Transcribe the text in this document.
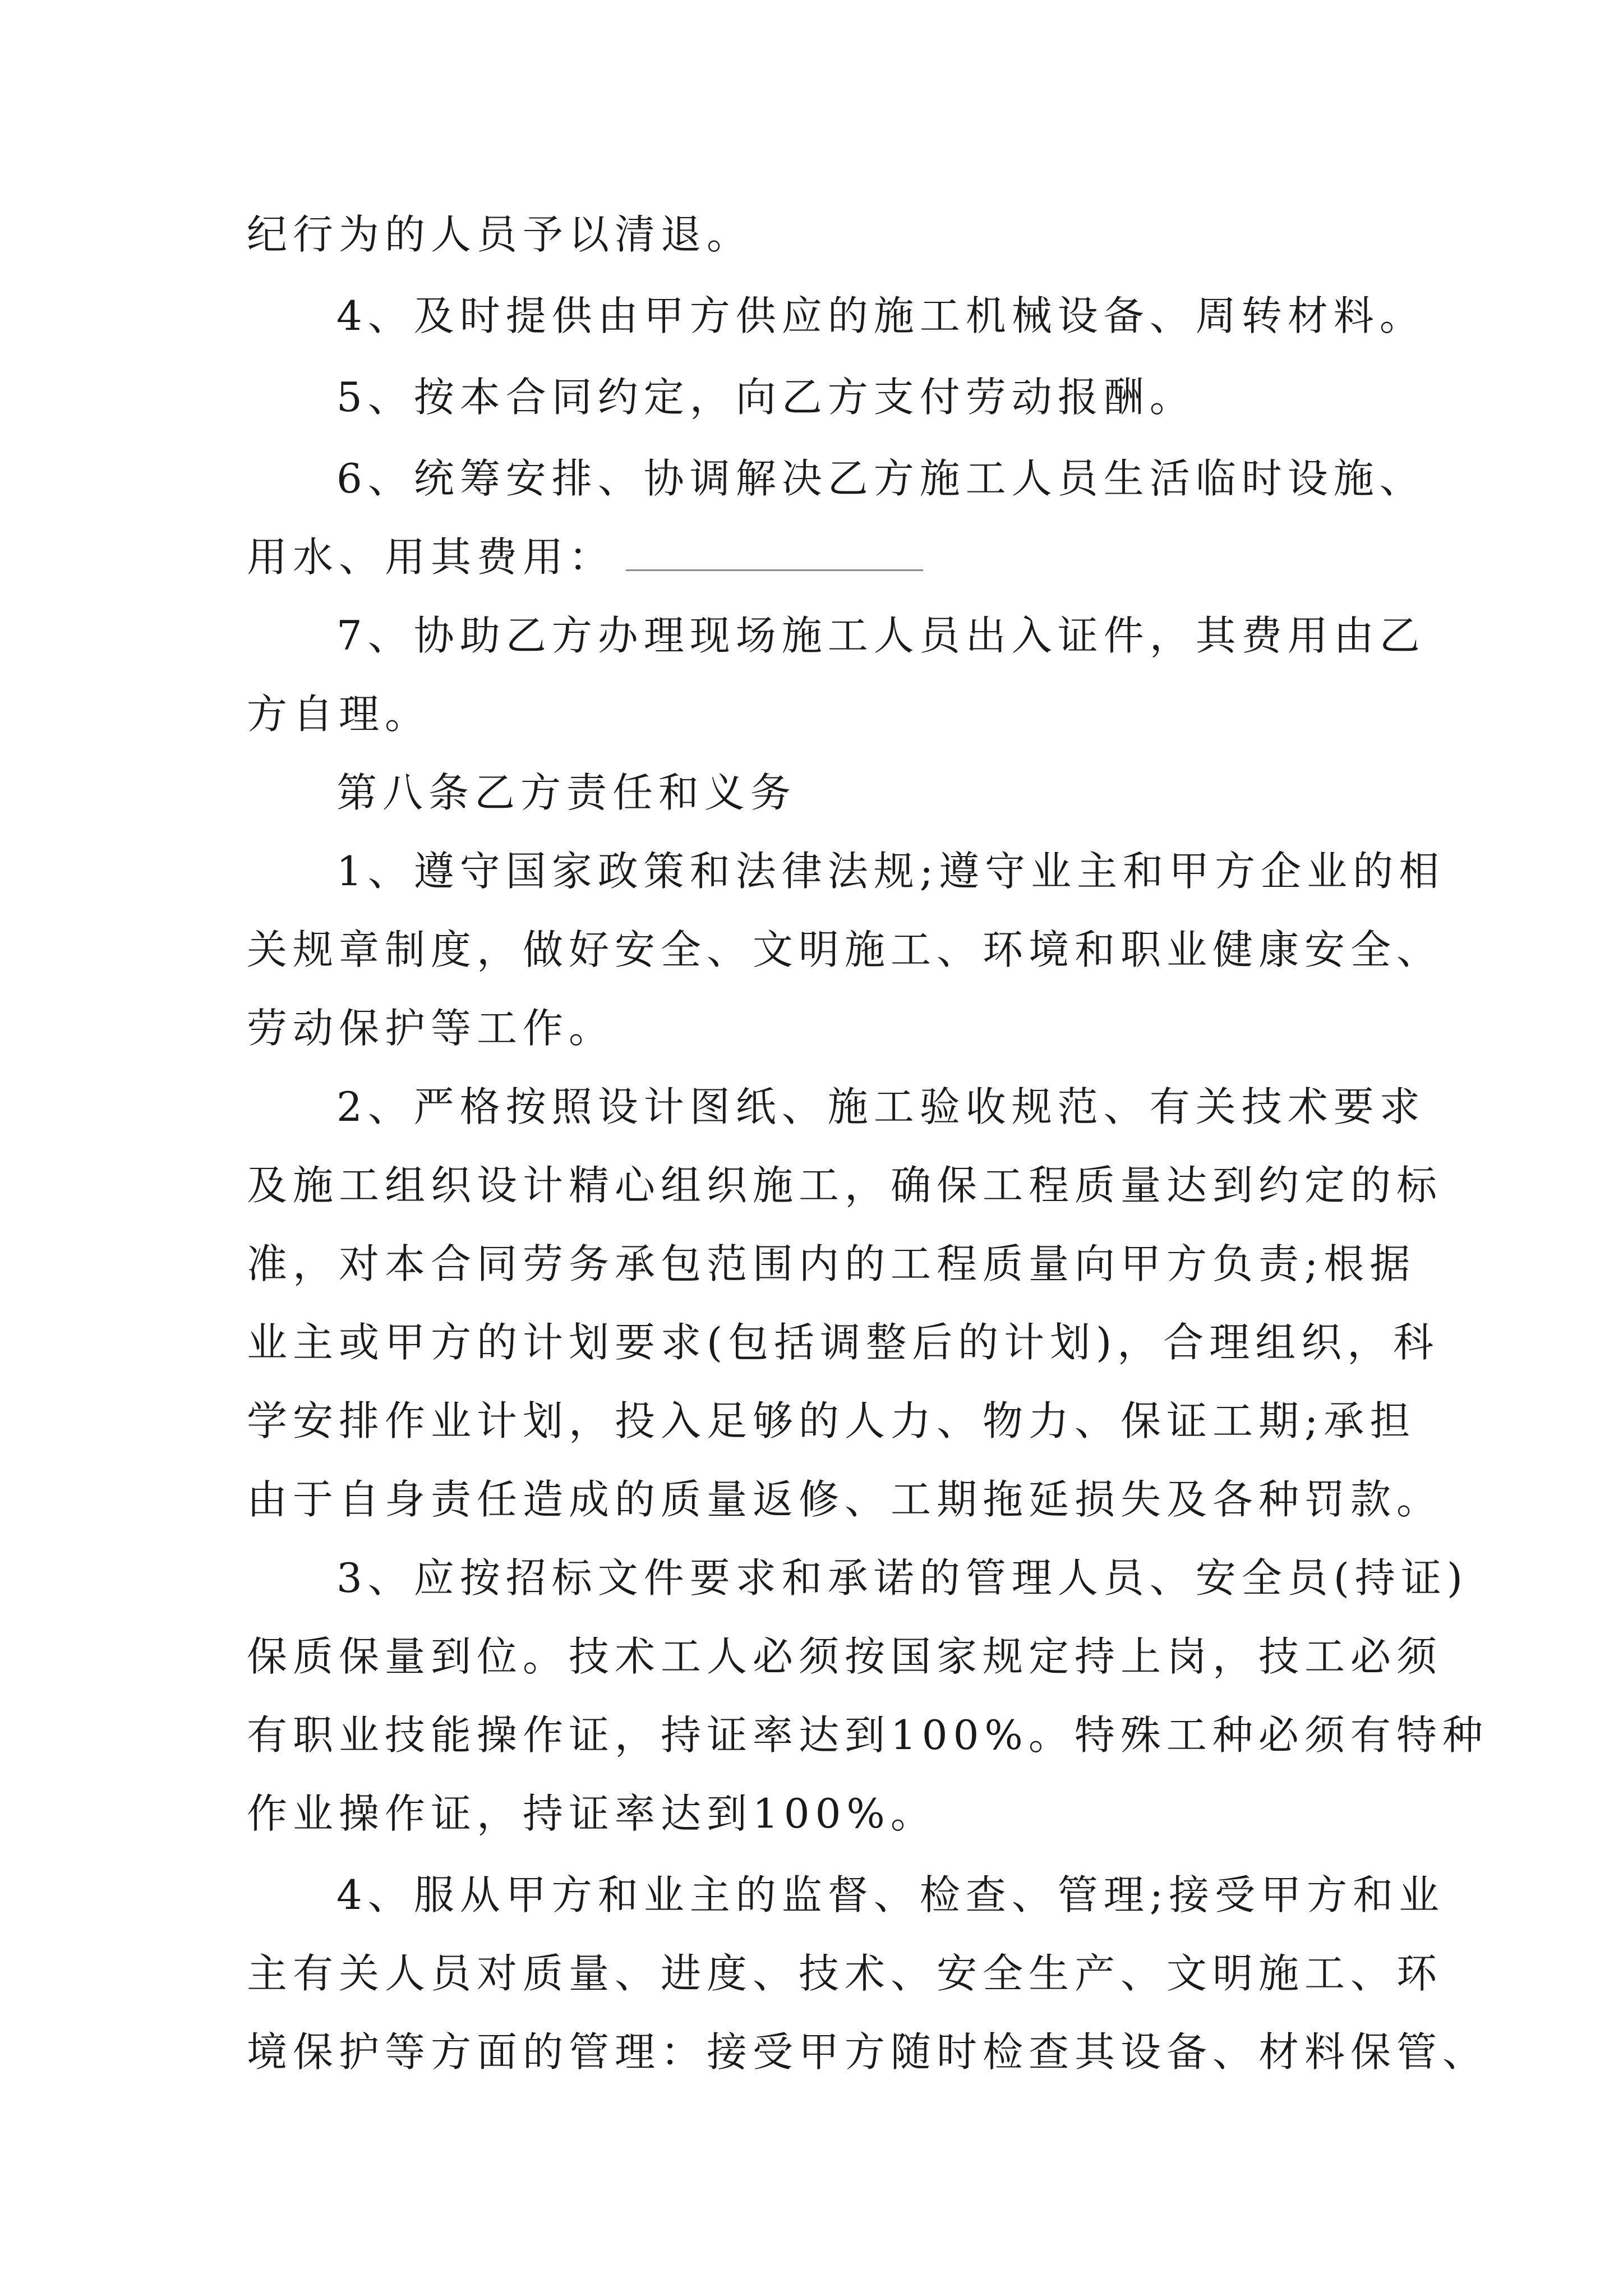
纪行为的人员予以清退。
4、及时提供由甲方供应的施工机械设备、周转材料。
5、按本合同约定，向乙方支付劳动报酬。
6、统筹安排、协调解决乙方施工人员生活临时设施、
用水、用其费用：
7、协助乙方办理现场施工人员出入证件，其费用由乙
方自理。
第八条乙方责任和义务
1、遵守国家政策和法律法规;遵守业主和甲方企业的相
关规章制度，做好安全、文明施工、环境和职业健康安全、
劳动保护等工作。
2、严格按照设计图纸、施工验收规范、有关技术要求
及施工组织设计精心组织施工，确保工程质量达到约定的标
准，对本合同劳务承包范围内的工程质量向甲方负责;根据
业主或甲方的计划要求(包括调整后的计划)，合理组织，科
学安排作业计划，投入足够的人力、物力、保证工期;承担
由于自身责任造成的质量返修、工期拖延损失及各种罚款。
3、应按招标文件要求和承诺的管理人员、安全员(持证)
保质保量到位。技术工人必须按国家规定持上岗，技工必须
有职业技能操作证，持证率达到100%。特殊工种必须有特种
作业操作证，持证率达到100%。
4、服从甲方和业主的监督、检查、管理;接受甲方和业
主有关人员对质量、进度、技术、安全生产、文明施工、环
境保护等方面的管理：接受甲方随时检查其设备、材料保管、
